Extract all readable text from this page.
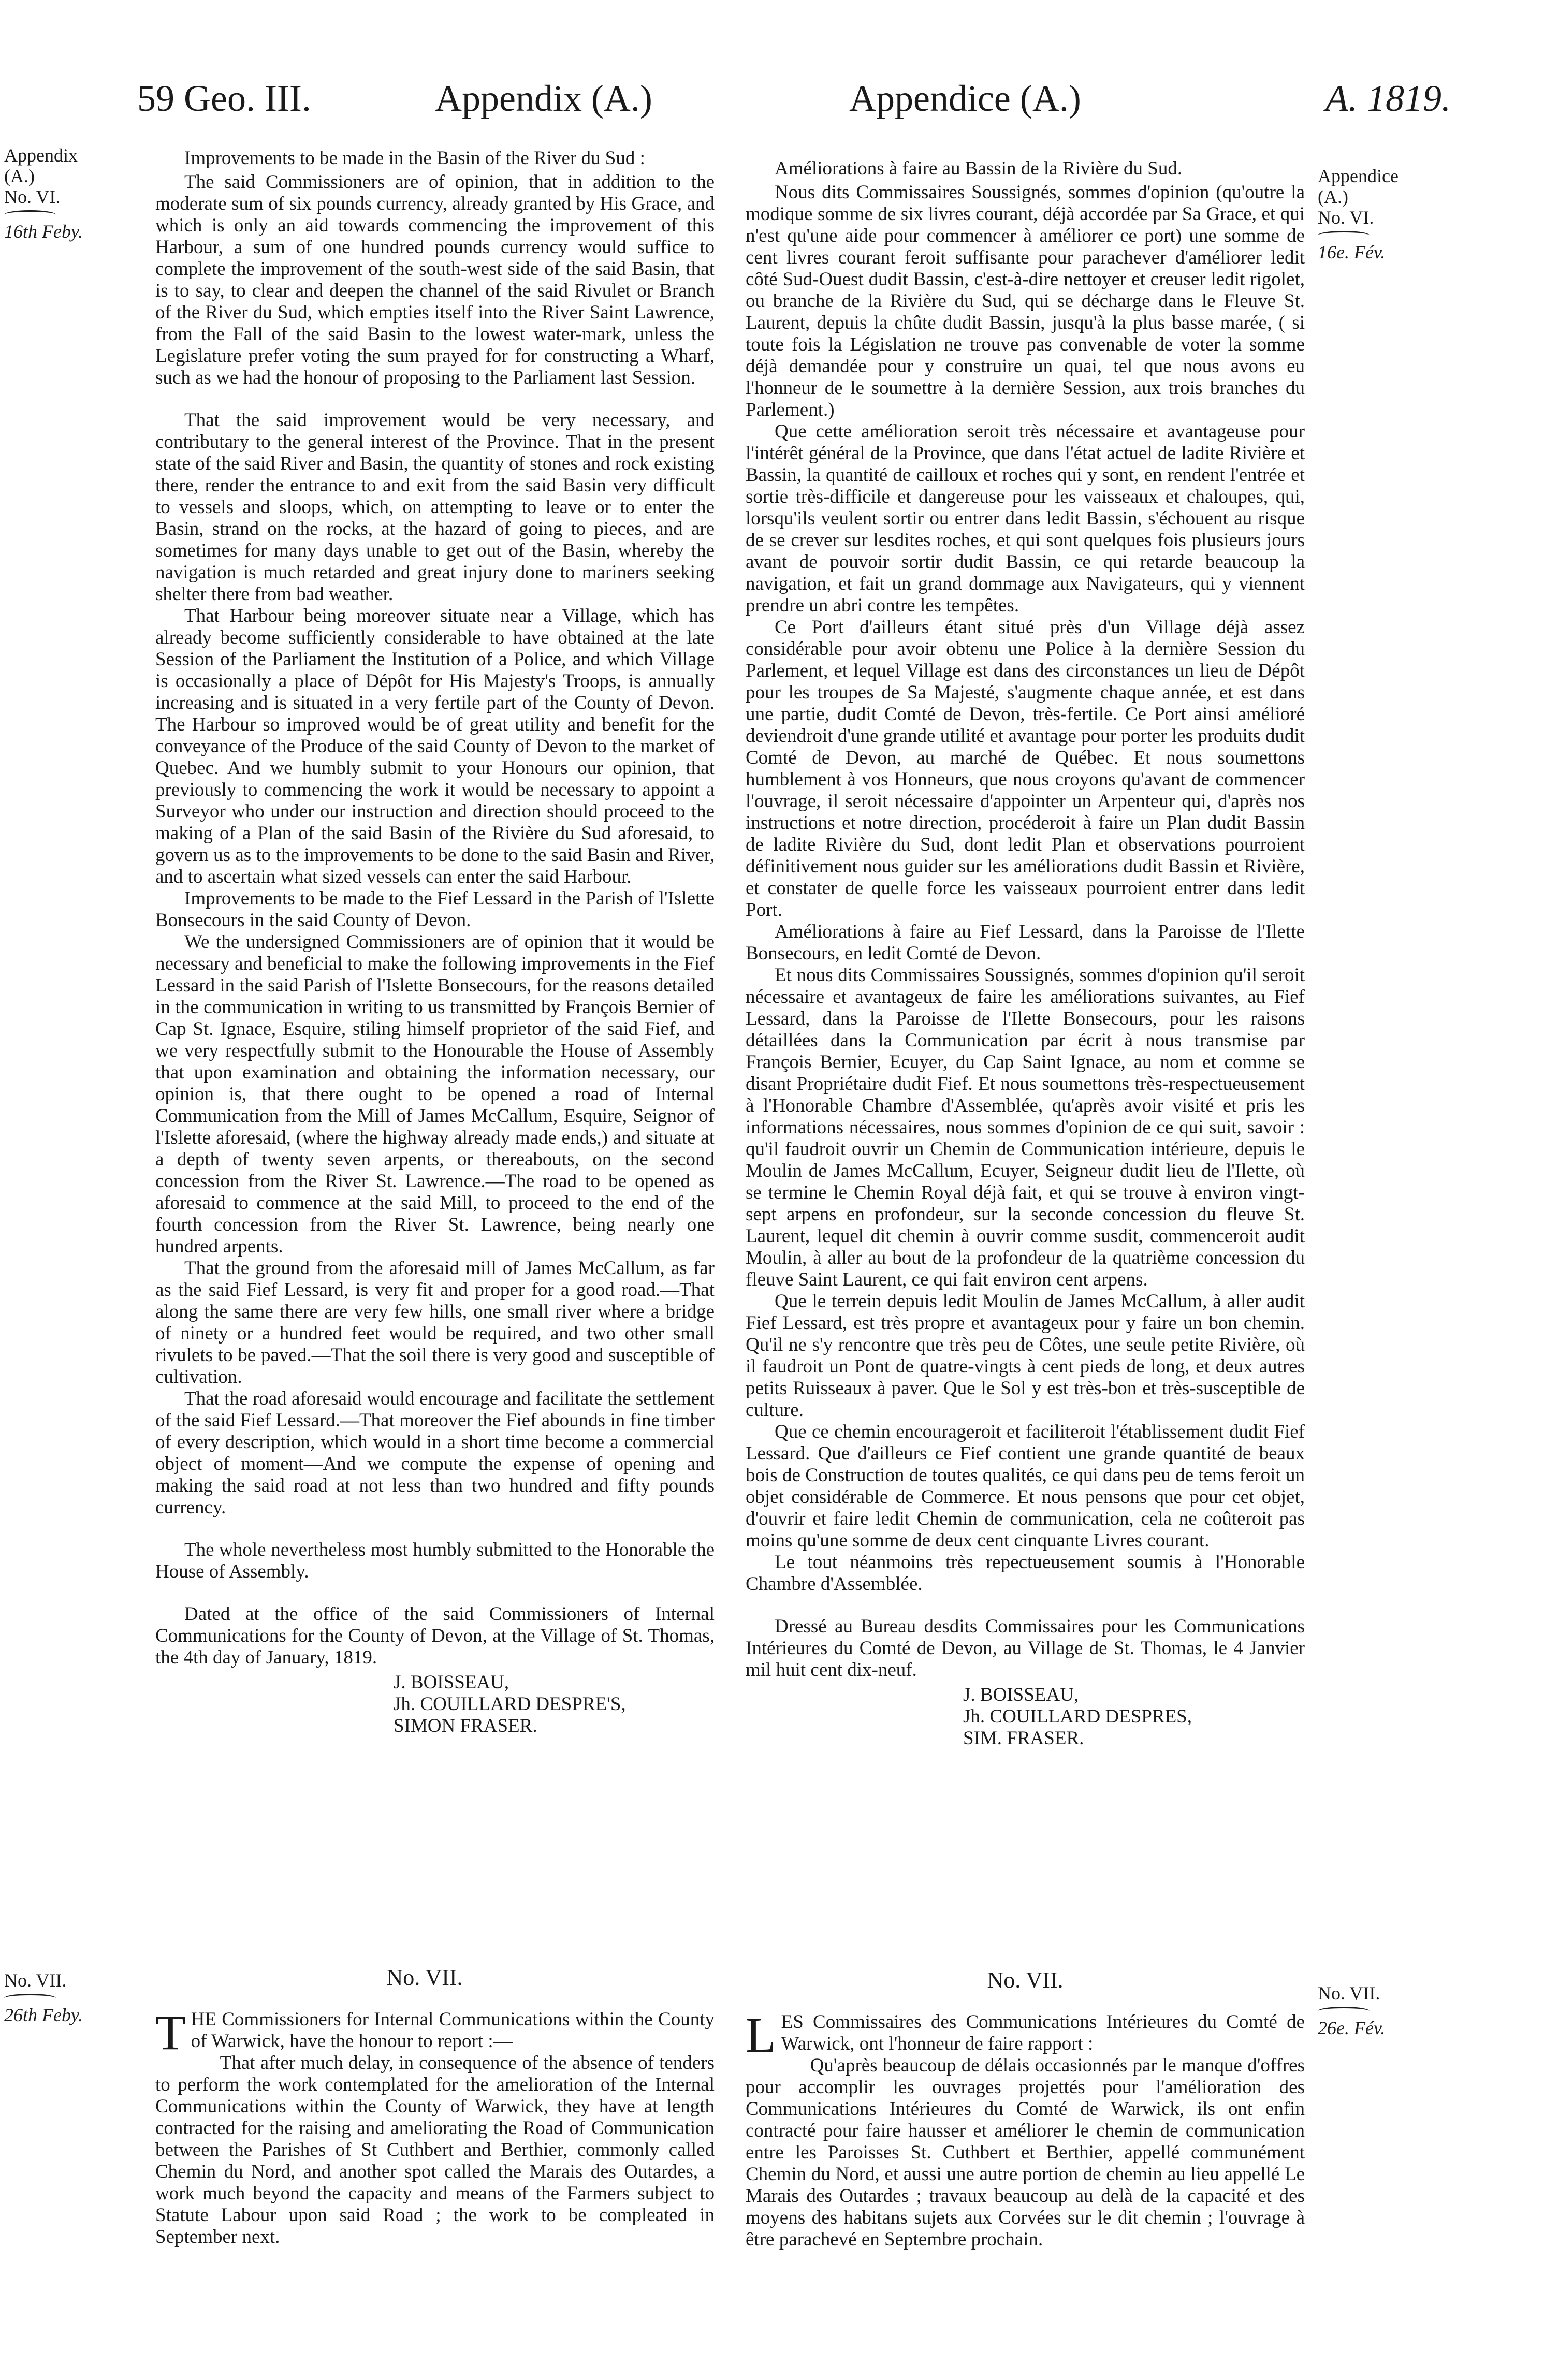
59 Geo. III.	Appendix (A.)	Appendice (A.)	A. 1819.
Appendix
(A.)
No. VI.
16th Feby.
Appendice
(A.)
No. VI.
16e. Fév.
No. VII.
26th Feby.
No. VII.
26e. Fév.
Improvements to be made in the Basin of the River du Sud :

The said Commissioners are of opinion, that in addition to the moderate sum of six pounds currency, already granted by His Grace, and which is only an aid towards commencing the improvement of this Harbour, a sum of one hundred pounds currency would suffice to complete the improvement of the south-west side of the said Basin, that is to say, to clear and deepen the channel of the said Rivulet or Branch of the River du Sud, which empties itself into the River Saint Lawrence, from the Fall of the said Basin to the lowest water-mark, unless the Legislature prefer voting the sum prayed for for constructing a Wharf, such as we had the honour of proposing to the Parliament last Session.

That the said improvement would be very necessary, and contributary to the general interest of the Province. That in the present state of the said River and Basin, the quantity of stones and rock existing there, render the entrance to and exit from the said Basin very difficult to vessels and sloops, which, on attempting to leave or to enter the Basin, strand on the rocks, at the hazard of going to pieces, and are sometimes for many days unable to get out of the Basin, whereby the navigation is much retarded and great injury done to mariners seeking shelter there from bad weather.

That Harbour being moreover situate near a Village, which has already become sufficiently considerable to have obtained at the late Session of the Parliament the Institution of a Police, and which Village is occasionally a place of Dépôt for His Majesty's Troops, is annually increasing and is situated in a very fertile part of the County of Devon. The Harbour so improved would be of great utility and benefit for the conveyance of the Produce of the said County of Devon to the market of Quebec. And we humbly submit to your Honours our opinion, that previously to commencing the work it would be necessary to appoint a Surveyor who under our instruction and direction should proceed to the making of a Plan of the said Basin of the Rivière du Sud aforesaid, to govern us as to the improvements to be done to the said Basin and River, and to ascertain what sized vessels can enter the said Harbour.

Improvements to be made to the Fief Lessard in the Parish of l'Islette Bonsecours in the said County of Devon.

We the undersigned Commissioners are of opinion that it would be necessary and beneficial to make the following improvements in the Fief Lessard in the said Parish of l'Islette Bonsecours, for the reasons detailed in the communication in writing to us transmitted by François Bernier of Cap St. Ignace, Esquire, stiling himself proprietor of the said Fief, and we very respectfully submit to the Honourable the House of Assembly that upon examination and obtaining the information necessary, our opinion is, that there ought to be opened a road of Internal Communication from the Mill of James McCallum, Esquire, Seignor of l'Islette aforesaid, (where the highway already made ends,) and situate at a depth of twenty seven arpents, or thereabouts, on the second concession from the River St. Lawrence.—The road to be opened as aforesaid to commence at the said Mill, to proceed to the end of the fourth concession from the River St. Lawrence, being nearly one hundred arpents.

That the ground from the aforesaid mill of James McCallum, as far as the said Fief Lessard, is very fit and proper for a good road.—That along the same there are very few hills, one small river where a bridge of ninety or a hundred feet would be required, and two other small rivulets to be paved.—That the soil there is very good and susceptible of cultivation.

That the road aforesaid would encourage and facilitate the settlement of the said Fief Lessard.—That moreover the Fief abounds in fine timber of every description, which would in a short time become a commercial object of moment—And we compute the expense of opening and making the said road at not less than two hundred and fifty pounds currency.

The whole nevertheless most humbly submitted to the Honorable the House of Assembly.

Dated at the office of the said Commissioners of Internal Communications for the County of Devon, at the Village of St. Thomas, the 4th day of January, 1819.

J. BOISSEAU,
Jh. COUILLARD DESPRE'S,
SIMON FRASER.
Améliorations à faire au Bassin de la Rivière du Sud.

Nous dits Commissaires Soussignés, sommes d'opinion (qu'outre la modique somme de six livres courant, déjà accordée par Sa Grace, et qui n'est qu'une aide pour commencer à améliorer ce port) une somme de cent livres courant feroit suffisante pour parachever d'améliorer ledit côté Sud-Ouest dudit Bassin, c'est-à-dire nettoyer et creuser ledit rigolet, ou branche de la Rivière du Sud, qui se décharge dans le Fleuve St. Laurent, depuis la chûte dudit Bassin, jusqu'à la plus basse marée, ( si toute fois la Législation ne trouve pas convenable de voter la somme déjà demandée pour y construire un quai, tel que nous avons eu l'honneur de le soumettre à la dernière Session, aux trois branches du Parlement.)

Que cette amélioration seroit très nécessaire et avantageuse pour l'intérêt général de la Province, que dans l'état actuel de ladite Rivière et Bassin, la quantité de cailloux et roches qui y sont, en rendent l'entrée et sortie très-difficile et dangereuse pour les vaisseaux et chaloupes, qui, lorsqu'ils veulent sortir ou entrer dans ledit Bassin, s'échouent au risque de se crever sur lesdites roches, et qui sont quelques fois plusieurs jours avant de pouvoir sortir dudit Bassin, ce qui retarde beaucoup la navigation, et fait un grand dommage aux Navigateurs, qui y viennent prendre un abri contre les tempêtes.

Ce Port d'ailleurs étant situé près d'un Village déjà assez considérable pour avoir obtenu une Police à la dernière Session du Parlement, et lequel Village est dans des circonstances un lieu de Dépôt pour les troupes de Sa Majesté, s'augmente chaque année, et est dans une partie, dudit Comté de Devon, très-fertile. Ce Port ainsi amélioré deviendroit d'une grande utilité et avantage pour porter les produits dudit Comté de Devon, au marché de Québec. Et nous soumettons humblement à vos Honneurs, que nous croyons qu'avant de commencer l'ouvrage, il seroit nécessaire d'appointer un Arpenteur qui, d'après nos instructions et notre direction, procéderoit à faire un Plan dudit Bassin de ladite Rivière du Sud, dont ledit Plan et observations pourroient définitivement nous guider sur les améliorations dudit Bassin et Rivière, et constater de quelle force les vaisseaux pourroient entrer dans ledit Port.

Améliorations à faire au Fief Lessard, dans la Paroisse de l'Ilette Bonsecours, en ledit Comté de Devon.

Et nous dits Commissaires Soussignés, sommes d'opinion qu'il seroit nécessaire et avantageux de faire les améliorations suivantes, au Fief Lessard, dans la Paroisse de l'Ilette Bonsecours, pour les raisons détaillées dans la Communication par écrit à nous transmise par François Bernier, Ecuyer, du Cap Saint Ignace, au nom et comme se disant Propriétaire dudit Fief. Et nous soumettons très-respectueusement à l'Honorable Chambre d'Assemblée, qu'après avoir visité et pris les informations nécessaires, nous sommes d'opinion de ce qui suit, savoir : qu'il faudroit ouvrir un Chemin de Communication intérieure, depuis le Moulin de James McCallum, Ecuyer, Seigneur dudit lieu de l'Ilette, où se termine le Chemin Royal déjà fait, et qui se trouve à environ vingt-sept arpens en profondeur, sur la seconde concession du fleuve St. Laurent, lequel dit chemin à ouvrir comme susdit, commenceroit audit Moulin, à aller au bout de la profondeur de la quatrième concession du fleuve Saint Laurent, ce qui fait environ cent arpens.

Que le terrein depuis ledit Moulin de James McCallum, à aller audit Fief Lessard, est très propre et avantageux pour y faire un bon chemin. Qu'il ne s'y rencontre que très peu de Côtes, une seule petite Rivière, où il faudroit un Pont de quatre-vingts à cent pieds de long, et deux autres petits Ruisseaux à paver. Que le Sol y est très-bon et très-susceptible de culture.

Que ce chemin encourageroit et faciliteroit l'établissement dudit Fief Lessard. Que d'ailleurs ce Fief contient une grande quantité de beaux bois de Construction de toutes qualités, ce qui dans peu de tems feroit un objet considérable de Commerce. Et nous pensons que pour cet objet, d'ouvrir et faire ledit Chemin de communication, cela ne coûteroit pas moins qu'une somme de deux cent cinquante Livres courant.

Le tout néanmoins très repectueusement soumis à l'Honorable Chambre d'Assemblée.

Dressé au Bureau desdits Commissaires pour les Communications Intérieures du Comté de Devon, au Village de St. Thomas, le 4 Janvier mil huit cent dix-neuf.

J. BOISSEAU,
Jh. COUILLARD DESPRES,
SIM. FRASER.
No. VII.	No. VII.

THE Commissioners for Internal Communications within the County of Warwick, have the honour to report :—

That after much delay, in consequence of the absence of tenders to perform the work contemplated for the amelioration of the Internal Communications within the County of Warwick, they have at length contracted for the raising and ameliorating the Road of Communication between the Parishes of St Cuthbert and Berthier, commonly called Chemin du Nord, and another spot called the Marais des Outardes, a work much beyond the capacity and means of the Farmers subject to Statute Labour upon said Road ; the work to be compleated in September next.

LES Commissaires des Communications Intérieures du Comté de Warwick, ont l'honneur de faire rapport :

Qu'après beaucoup de délais occasionnés par le manque d'offres pour accomplir les ouvrages projettés pour l'amélioration des Communications Intérieures du Comté de Warwick, ils ont enfin contracté pour faire hausser et améliorer le chemin de communication entre les Paroisses St. Cuthbert et Berthier, appellé communément Chemin du Nord, et aussi une autre portion de chemin au lieu appellé Le Marais des Outardes ; travaux beaucoup au delà de la capacité et des moyens des habitans sujets aux Corvées sur le dit chemin ; l'ouvrage à être parachevé en Septembre prochain.
